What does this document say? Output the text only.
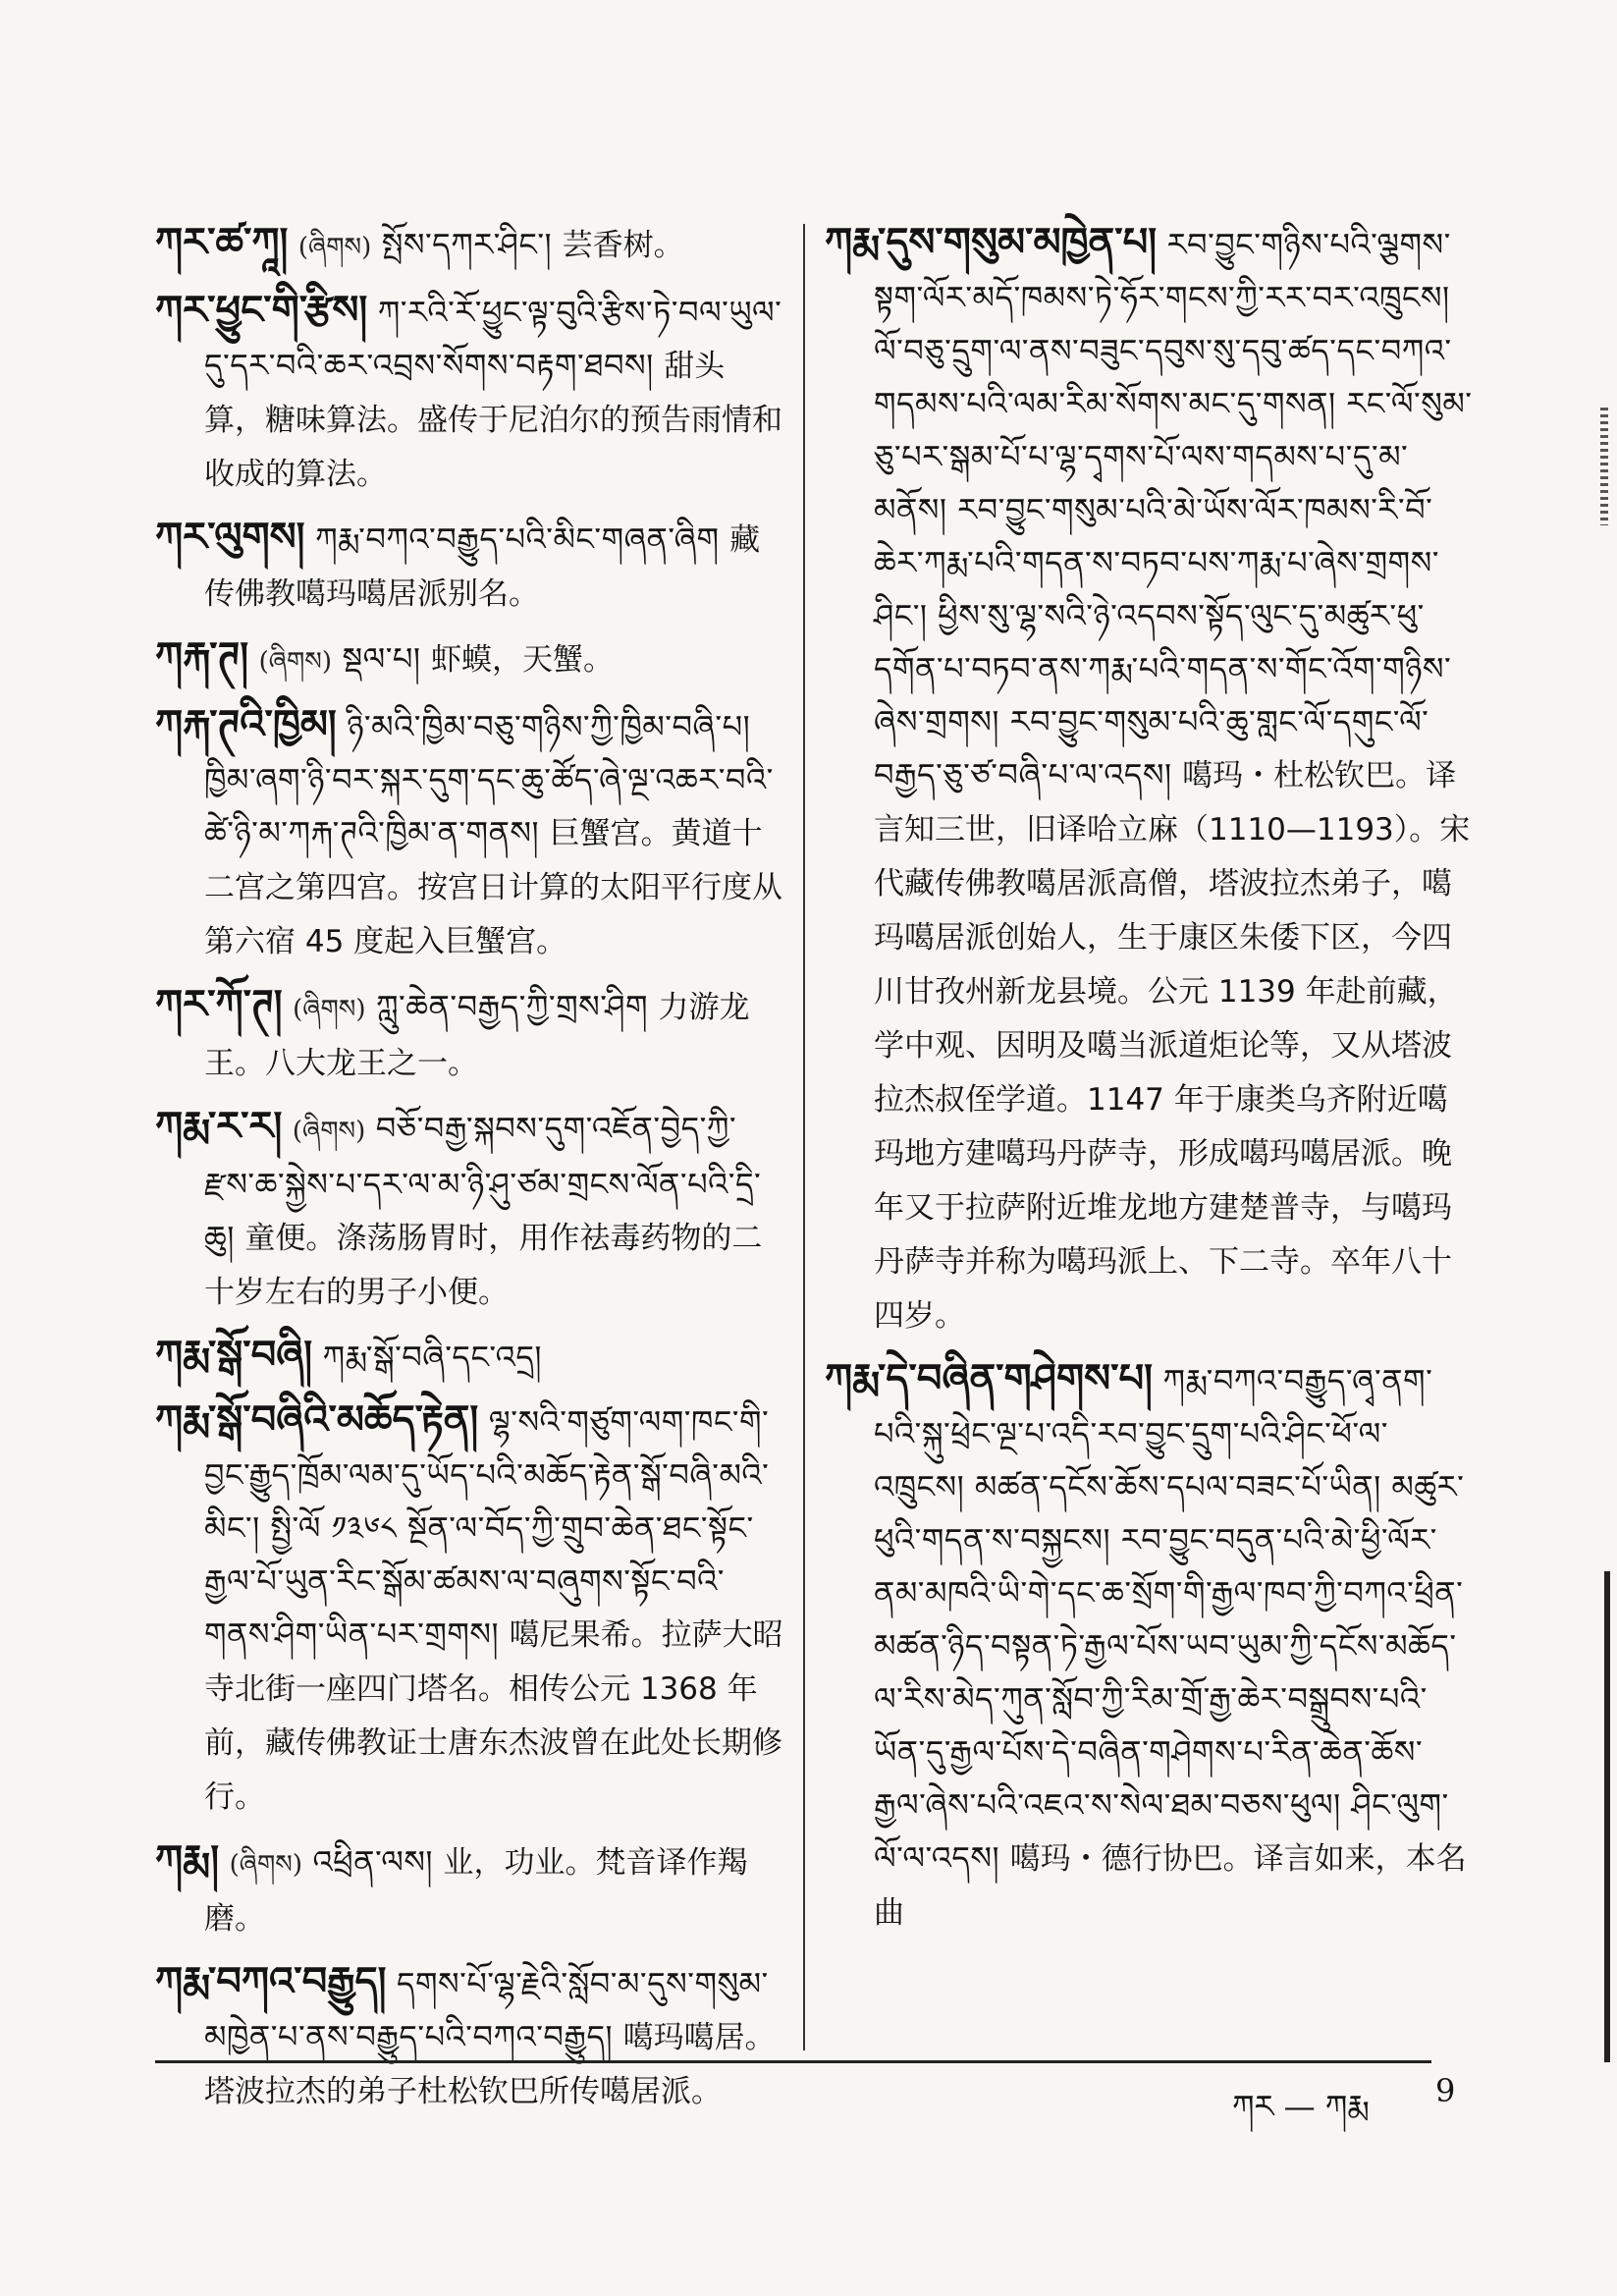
ཀར་ཚ་ཀཱ། (ཞིགས) སྤོས་དཀར་ཤིང་། 芸香树。

ཀར་ཕྱུང་གི་རྩིས། ཀ་རའི་རོ་ཕྱུང་ལྟ་བུའི་རྩིས་ཏེ་བལ་ཡུལ་དུ་དར་བའི་ཆར་འབྲས་སོགས་བརྟག་ཐབས། 甜头算，糖味算法。盛传于尼泊尔的预告雨情和收成的算法。

ཀར་ལུགས། ཀརྨ་བཀའ་བརྒྱུད་པའི་མིང་གཞན་ཞིག 藏传佛教噶玛噶居派别名。

ཀརྐ་ཊ། (ཞིགས) སྡལ་པ། 虾蟆，天蟹。

ཀརྐ་ཊའི་ཁྱིམ། ཉི་མའི་ཁྱིམ་བཅུ་གཉིས་ཀྱི་ཁྱིམ་བཞི་པ། ཁྱིམ་ཞག་ཉི་བར་སྐར་དུག་དང་ཆུ་ཚོད་ཞེ་ལྔ་འཆར་བའི་ཚེ་ཉི་མ་ཀརྐ་ཊའི་ཁྱིམ་ན་གནས། 巨蟹宫。黄道十二宫之第四宫。按宫日计算的太阳平行度从第六宿 45 度起入巨蟹宫。

ཀར་ཀོ་ཊ། (ཞིགས) ཀླུ་ཆེན་བརྒྱད་ཀྱི་གྲས་ཤིག 力游龙王。八大龙王之一。

ཀརྨ་ར་ར། (ཞིགས) བཅོ་བརྒྱ་སྐབས་དུག་འཇོན་བྱེད་ཀྱི་རྫས་ཆ་སྐྱེས་པ་དར་ལ་མ་ཉི་ཤུ་ཙམ་གྲངས་ལོན་པའི་དྲི་ཆུ། 童便。涤荡肠胃时，用作祛毒药物的二十岁左右的男子小便。

ཀརྨ་སྒོ་བཞི། ཀརྨ་སྒོ་བཞི་དང་འདྲ།

ཀརྨ་སྒོ་བཞིའི་མཆོད་རྟེན། ལྷ་སའི་གཙུག་ལག་ཁང་གི་བྱང་རྒྱུད་ཁྲོམ་ལམ་དུ་ཡོད་པའི་མཆོད་རྟེན་སྒོ་བཞི་མའི་མིང་། སྤྱི་ལོ ༡༣༦༨ སྔོན་ལ་བོད་ཀྱི་གྲུབ་ཆེན་ཐང་སྟོང་རྒྱལ་པོ་ཡུན་རིང་སྒོམ་ཚམས་ལ་བཞུགས་སྟོང་བའི་གནས་ཤིག་ཡིན་པར་གྲགས། 噶尼果希。拉萨大昭寺北街一座四门塔名。相传公元 1368 年前，藏传佛教证士唐东杰波曾在此处长期修行。

ཀརྨ། (ཞིགས) འཕྲིན་ལས། 业，功业。梵音译作羯磨。

ཀརྨ་བཀའ་བརྒྱུད། དགས་པོ་ལྷ་རྗེའི་སློབ་མ་དུས་གསུམ་མཁྱེན་པ་ནས་བརྒྱུད་པའི་བཀའ་བརྒྱུད། 噶玛噶居。塔波拉杰的弟子杜松钦巴所传噶居派。

ཀརྨ་དུས་གསུམ་མཁྱེན་པ། རབ་བྱུང་གཉིས་པའི་ལྕགས་སྟག་ལོར་མདོ་ཁམས་ཏེ་ཧོར་གངས་ཀྱི་རར་བར་འཁྲུངས། ལོ་བཅུ་དྲུག་ལ་ནས་བཟུང་དབུས་སུ་དབུ་ཚད་དང་བཀའ་གདམས་པའི་ལམ་རིམ་སོགས་མང་དུ་གསན། རང་ལོ་སུམ་ཅུ་པར་སྒམ་པོ་པ་ལྷ་དྭགས་པོ་ལས་གདམས་པ་དུ་མ་མནོས། རབ་བྱུང་གསུམ་པའི་མེ་ཡོས་ལོར་ཁམས་རི་བོ་ཆེར་ཀརྨ་པའི་གདན་ས་བཏབ་པས་ཀརྨ་པ་ཞེས་གྲགས་ཤིང་། ཕྱིས་སུ་ལྷ་སའི་ཉེ་འདབས་སྟོད་ལུང་དུ་མཚུར་ཕུ་དགོན་པ་བཏབ་ནས་ཀརྨ་པའི་གདན་ས་གོང་འོག་གཉིས་ཞེས་གྲགས། རབ་བྱུང་གསུམ་པའི་ཆུ་གླང་ལོ་དགུང་ལོ་བརྒྱད་ཅུ་ཙ་བཞི་པ་ལ་འདས། 噶玛・杜松钦巴。译言知三世，旧译哈立麻（1110—1193）。宋代藏传佛教噶居派高僧，塔波拉杰弟子，噶玛噶居派创始人，生于康区朱倭下区，今四川甘孜州新龙县境。公元 1139 年赴前藏，学中观、因明及噶当派道炬论等，又从塔波拉杰叔侄学道。1147 年于康类乌齐附近噶玛地方建噶玛丹萨寺，形成噶玛噶居派。晚年又于拉萨附近堆龙地方建楚普寺，与噶玛丹萨寺并称为噶玛派上、下二寺。卒年八十四岁。

ཀརྨ་དེ་བཞིན་གཤེགས་པ། ཀརྨ་བཀའ་བརྒྱུད་ཞྭ་ནག་པའི་སྐུ་ཕྲེང་ལྔ་པ་འདི་རབ་བྱུང་དྲུག་པའི་ཤིང་ཕོ་ལ་འཁྲུངས། མཚན་དངོས་ཆོས་དཔལ་བཟང་པོ་ཡིན། མཚུར་ཕུའི་གདན་ས་བསྐྱངས། རབ་བྱུང་བདུན་པའི་མེ་ཕྱི་ལོར་ནམ་མཁའི་ཡི་གེ་དང་ཆ་སྲོག་གི་རྒྱལ་ཁབ་ཀྱི་བཀའ་ཕྲིན་མཚན་ཉིད་བསྟན་ཏེ་རྒྱལ་པོས་ཡབ་ཡུམ་ཀྱི་དངོས་མཆོད་ལ་རིས་མེད་ཀུན་སློབ་ཀྱི་རིམ་གྲོ་རྒྱ་ཆེར་བསྒྲུབས་པའི་ཡོན་དུ་རྒྱལ་པོས་དེ་བཞིན་གཤེགས་པ་རིན་ཆེན་ཆོས་རྒྱལ་ཞེས་པའི་འཇའ་ས་སེལ་ཐམ་བཅས་ཕུལ། ཤིང་ལུག་ལོ་ལ་འདས། 噶玛・德行协巴。译言如来，本名曲

ཀར — ཀརྨ 9
